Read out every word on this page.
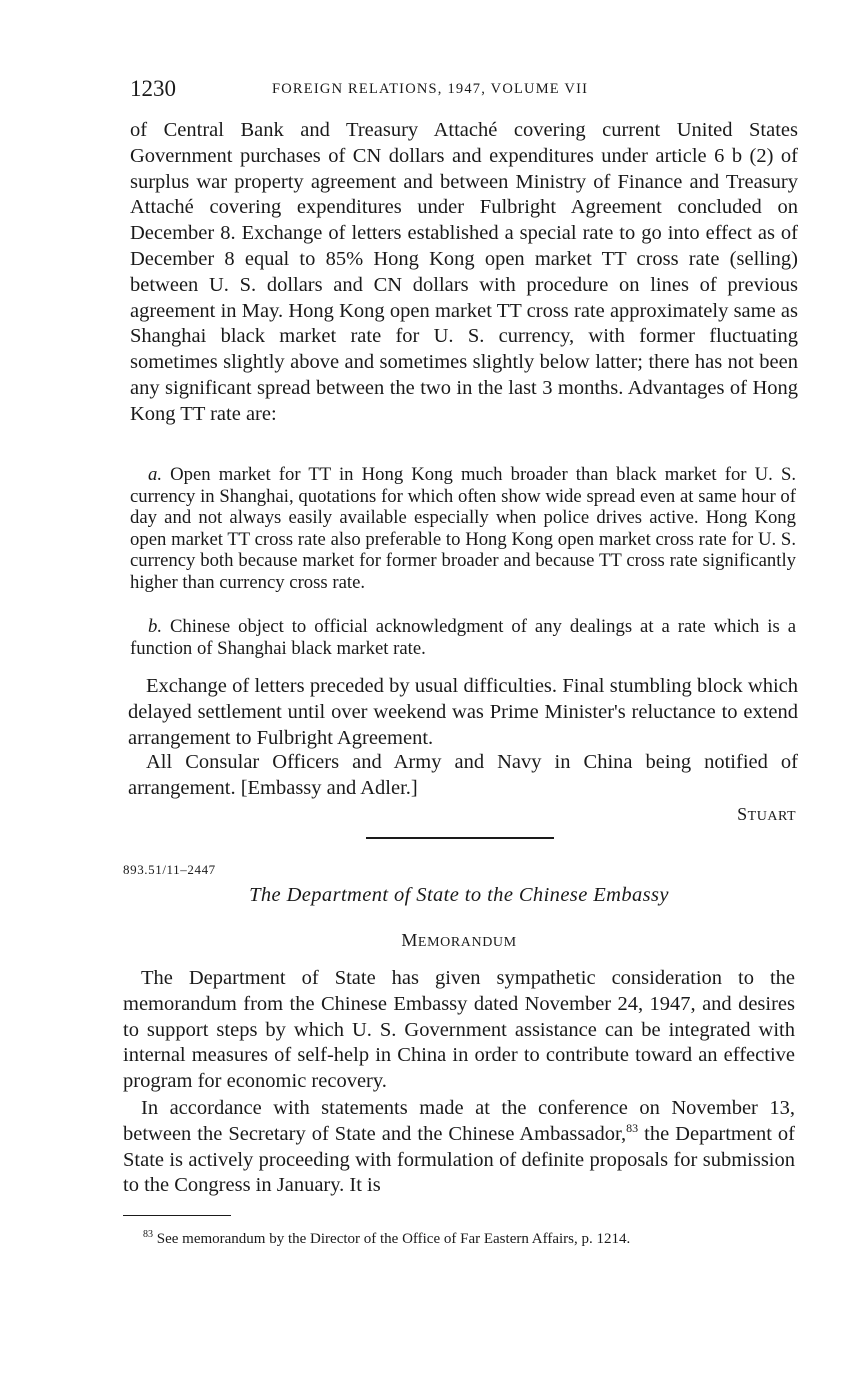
1230	FOREIGN RELATIONS, 1947, VOLUME VII

of Central Bank and Treasury Attaché covering current United States Government purchases of CN dollars and expenditures under article 6 b (2) of surplus war property agreement and between Ministry of Finance and Treasury Attaché covering expenditures under Fulbright Agreement concluded on December 8. Exchange of letters established a special rate to go into effect as of December 8 equal to 85% Hong Kong open market TT cross rate (selling) between U. S. dollars and CN dollars with procedure on lines of previous agreement in May. Hong Kong open market TT cross rate approximately same as Shanghai black market rate for U. S. currency, with former fluctuating sometimes slightly above and sometimes slightly below latter; there has not been any significant spread between the two in the last 3 months. Advantages of Hong Kong TT rate are:

a. Open market for TT in Hong Kong much broader than black market for U. S. currency in Shanghai, quotations for which often show wide spread even at same hour of day and not always easily available especially when police drives active. Hong Kong open market TT cross rate also preferable to Hong Kong open market cross rate for U. S. currency both because market for former broader and because TT cross rate significantly higher than currency cross rate.

b. Chinese object to official acknowledgment of any dealings at a rate which is a function of Shanghai black market rate.

Exchange of letters preceded by usual difficulties. Final stumbling block which delayed settlement until over weekend was Prime Minister's reluctance to extend arrangement to Fulbright Agreement.

All Consular Officers and Army and Navy in China being notified of arrangement. [Embassy and Adler.]

STUART
893.51/11–2447
The Department of State to the Chinese Embassy
MEMORANDUM

The Department of State has given sympathetic consideration to the memorandum from the Chinese Embassy dated November 24, 1947, and desires to support steps by which U. S. Government assistance can be integrated with internal measures of self-help in China in order to contribute toward an effective program for economic recovery.

In accordance with statements made at the conference on November 13, between the Secretary of State and the Chinese Ambassador,$^{83}$ the Department of State is actively proceeding with formulation of definite proposals for submission to the Congress in January. It is

$^{83}$ See memorandum by the Director of the Office of Far Eastern Affairs, p. 1214.
